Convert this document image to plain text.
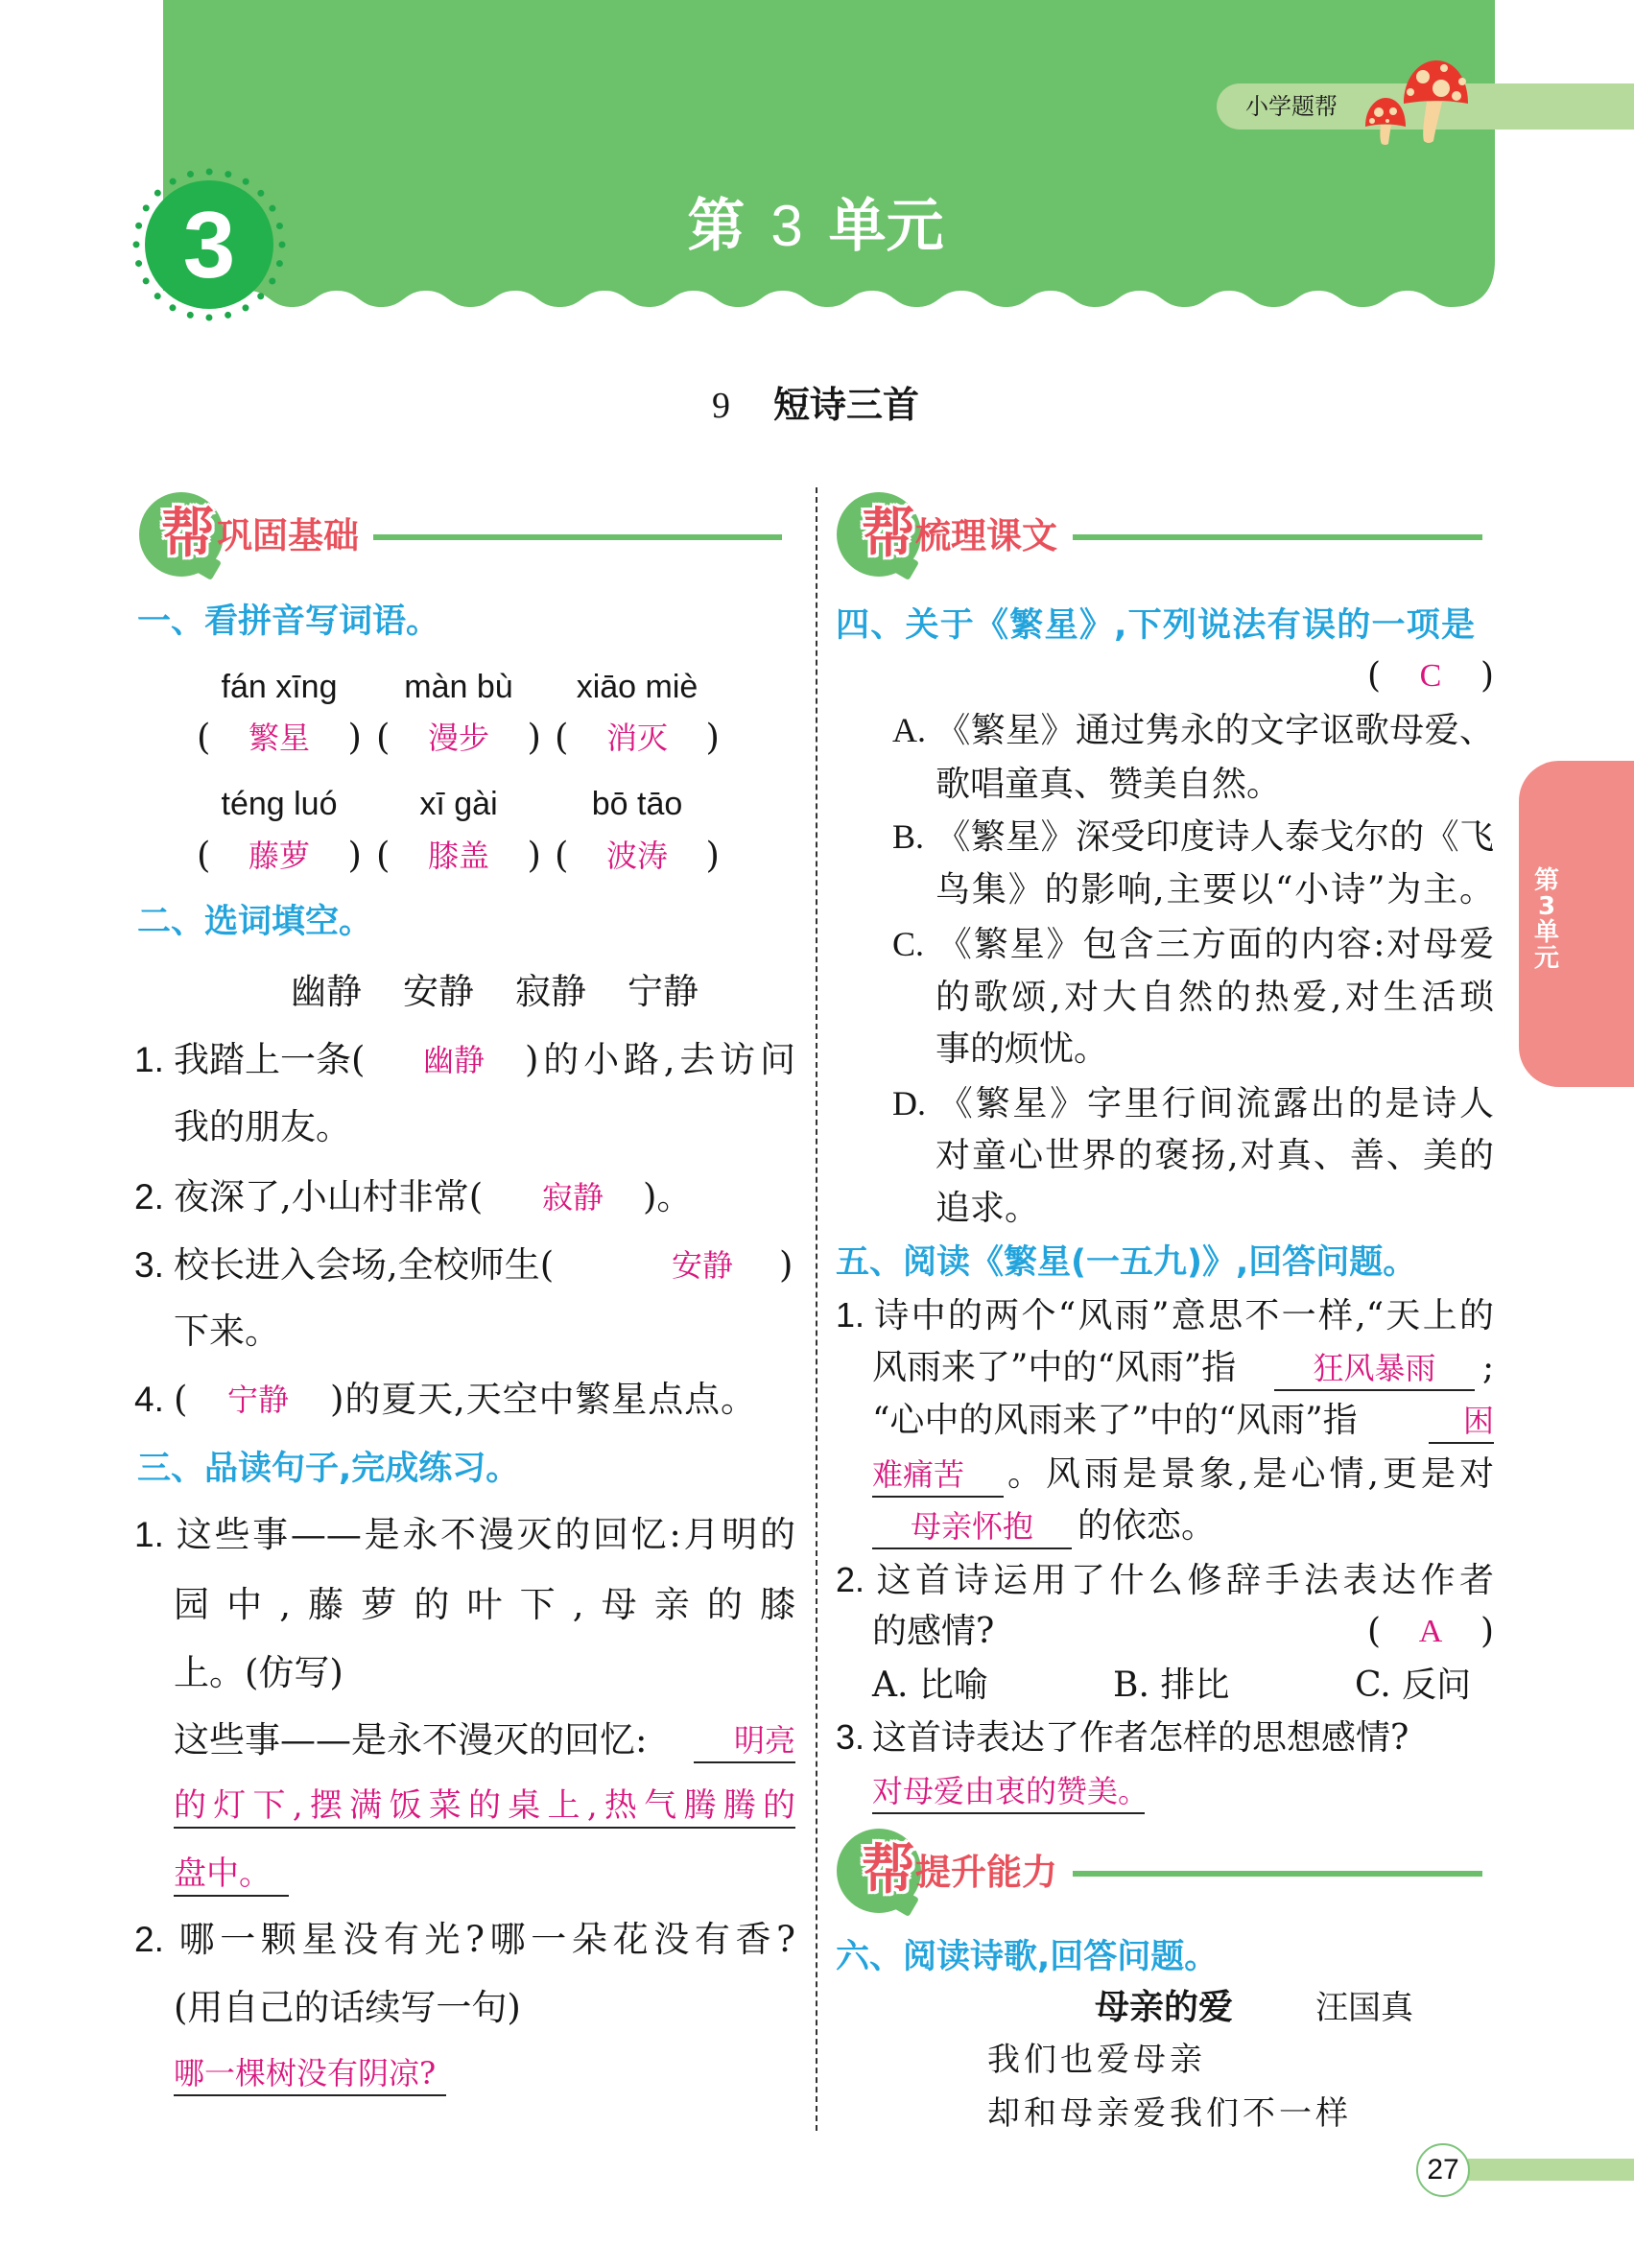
3	第 3 单元
小学题帮
9 短诗三首
第
3
单
元
帮 巩固基础
一、看拼音写词语。
fán xīng	màn bù	xiāo miè
( 繁星 ) ( 漫步 ) ( 消灭 )
téng luó	xī gài	bō tāo
( 藤萝 ) ( 膝盖 ) ( 波涛 )
二、选词填空。
幽静 安静 寂静 宁静
1. 我踏上一条(	幽静	)的小路,去访问
我的朋友。
2. 夜深了,小山村非常(	寂静	)。
3. 校长进入会场,全校师生(	安静	)
下来。
4. (	宁静	)的夏天,天空中繁星点点。
三、品读句子,完成练习。
1. 这些事——是永不漫灭的回忆:月明的
园中,藤萝的叶下,母亲的膝
上。(仿写)
这些事——是永不漫灭的回忆:	明亮
的灯下,摆满饭菜的桌上,热气腾腾的
盘中。
2. 哪一颗星没有光?哪一朵花没有香?
(用自己的话续写一句)
哪一棵树没有阴凉?
帮 梳理课文
四、关于《繁星》,下列说法有误的一项是
( C )
A. 《繁星》通过隽永的文字讴歌母爱、
歌唱童真、赞美自然。
B. 《繁星》深受印度诗人泰戈尔的《飞
鸟集》的影响,主要以“小诗”为主。
C. 《繁星》包含三方面的内容:对母爱
的歌颂,对大自然的热爱,对生活琐
事的烦忧。
D. 《繁星》字里行间流露出的是诗人
对童心世界的褒扬,对真、善、美的
追求。
五、阅读《繁星(一五九)》,回答问题。
1. 诗中的两个“风雨”意思不一样,“天上的
风雨来了”中的“风雨”指	狂风暴雨	;
“心中的风雨来了”中的“风雨”指	困
难痛苦	。风雨是景象,是心情,更是对
母亲怀抱	的依恋。
2. 这首诗运用了什么修辞手法表达作者
的感情?	( A )
A. 比喻	B. 排比	C. 反问
3. 这首诗表达了作者怎样的思想感情?
对母爱由衷的赞美。
帮 提升能力
六、阅读诗歌,回答问题。
母亲的爱	汪国真
我们也爱母亲
却和母亲爱我们不一样
27
